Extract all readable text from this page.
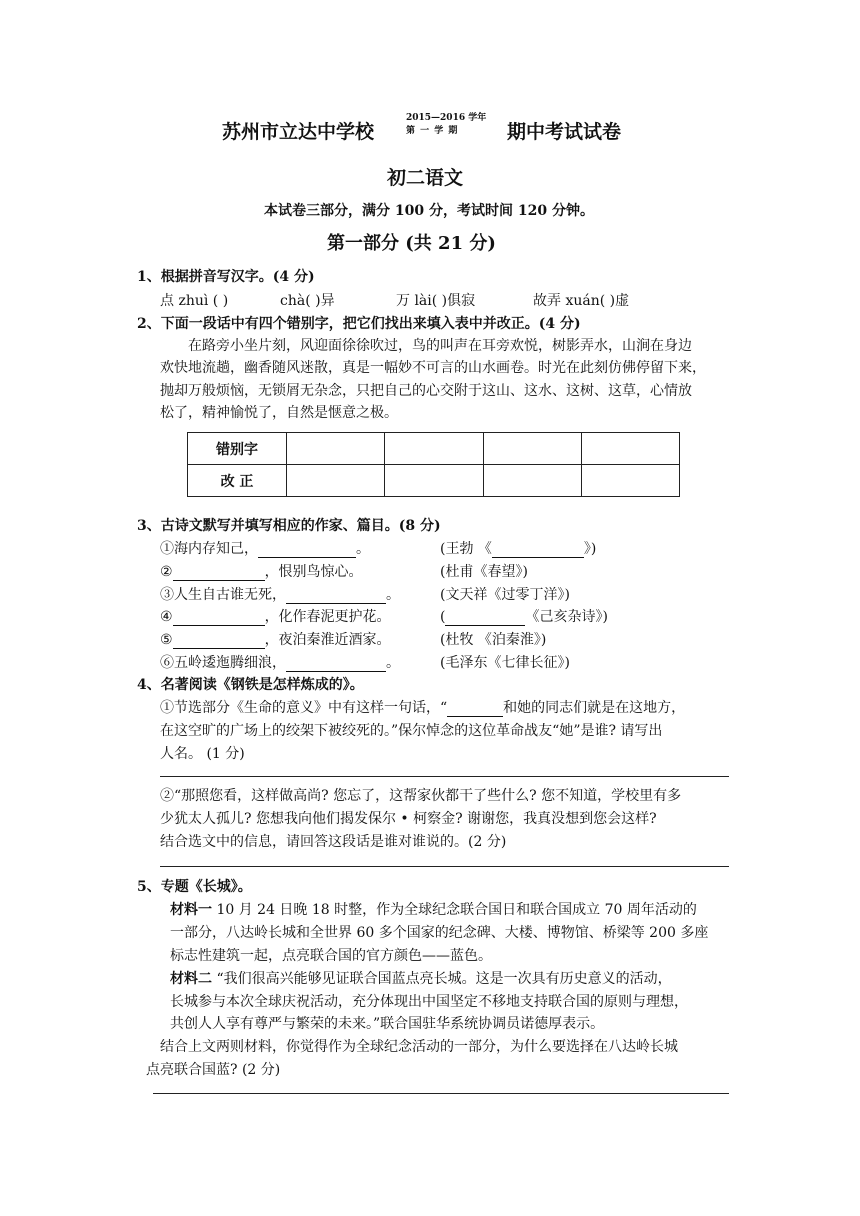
苏州市立达中学校
2015—2016 学年
第 一 学 期	期中考试试卷
初二语文
本试卷三部分，满分 100 分，考试时间 120 分钟。
第一部分 (共 21 分)
1、根据拼音写汉字。(4 分)
点 zhuì ( )	chà( )异	万 lài( )俱寂	故弄 xuán( )虚
2、下面一段话中有四个错别字，把它们找出来填入表中并改正。(4 分)
在路旁小坐片刻，风迎面徐徐吹过，鸟的叫声在耳旁欢悦，树影弄水，山涧在身边
欢快地流趟，幽香随风迷散，真是一幅妙不可言的山水画卷。时光在此刻仿佛停留下来，
抛却万般烦恼，无锁屑无杂念，只把自己的心交附于这山、这水、这树、这草，心情放
松了，精神愉悦了，自然是惬意之极。
错别字				
改 正				
3、古诗文默写并填写相应的作家、篇目。(8 分)
①海内存知己，	。	(王勃 《	》)
②	，恨别鸟惊心。	(杜甫《春望》)
③人生自古谁无死，	。	(文天祥《过零丁洋》)
④	，化作春泥更护花。	(	《己亥杂诗》)
⑤	，夜泊秦淮近酒家。	(杜牧 《泊秦淮》)
⑥五岭逶迤腾细浪，	。	(毛泽东《七律长征》)
4、名著阅读《钢铁是怎样炼成的》。
①节选部分《生命的意义》中有这样一句话，“	和她的同志们就是在这地方，
在这空旷的广场上的绞架下被绞死的。”保尔悼念的这位革命战友“她”是谁? 请写出
人名。 (1 分)
②“那照您看，这样做高尚? 您忘了，这帮家伙都干了些什么? 您不知道，学校里有多
少犹太人孤儿? 您想我向他们揭发保尔 • 柯察金? 谢谢您，我真没想到您会这样?
结合选文中的信息，请回答这段话是谁对谁说的。(2 分)
5、专题《长城》。
材料一 10 月 24 日晚 18 时整，作为全球纪念联合国日和联合国成立 70 周年活动的
一部分，八达岭长城和全世界 60 多个国家的纪念碑、大楼、博物馆、桥梁等 200 多座
标志性建筑一起，点亮联合国的官方颜色——蓝色。
材料二 “我们很高兴能够见证联合国蓝点亮长城。这是一次具有历史意义的活动，
长城参与本次全球庆祝活动，充分体现出中国坚定不移地支持联合国的原则与理想，
共创人人享有尊严与繁荣的未来。”联合国驻华系统协调员诺德厚表示。
结合上文两则材料，你觉得作为全球纪念活动的一部分，为什么要选择在八达岭长城
点亮联合国蓝? (2 分)
